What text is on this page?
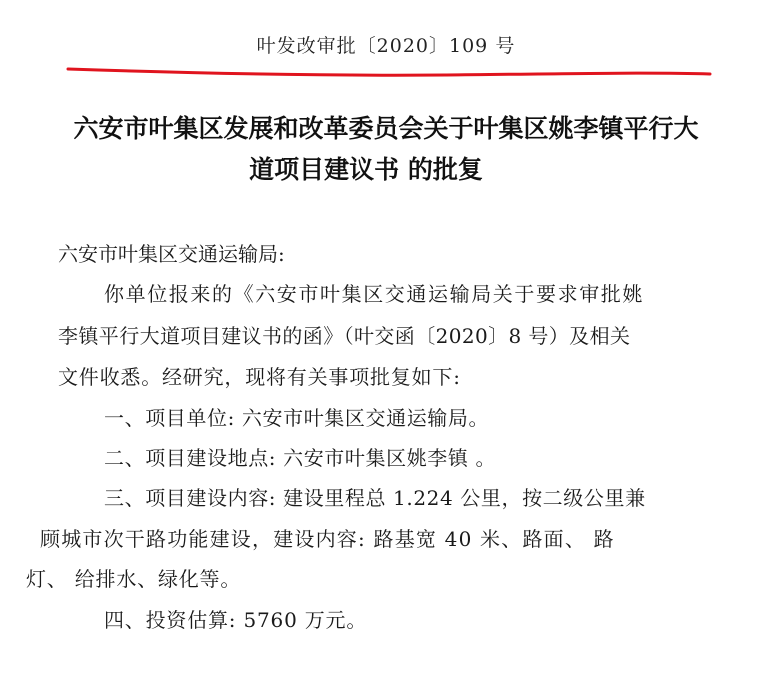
叶发改审批〔2020〕109 号
六安市叶集区发展和改革委员会关于叶集区姚李镇平行大
道项目建议书 的批复
六安市叶集区交通运输局:
你单位报来的《六安市叶集区交通运输局关于要求审批姚
李镇平行大道项目建议书的函》（叶交函〔2020〕8 号）及相关
文件收悉。经研究，现将有关事项批复如下:
一、项目单位: 六安市叶集区交通运输局。
二、项目建设地点: 六安市叶集区姚李镇 。
三、项目建设内容: 建设里程总 1.224 公里，按二级公里兼
顾城市次干路功能建设，建设内容: 路基宽 40 米、路面、 路
灯、 给排水、绿化等。
四、投资估算: 5760 万元。
